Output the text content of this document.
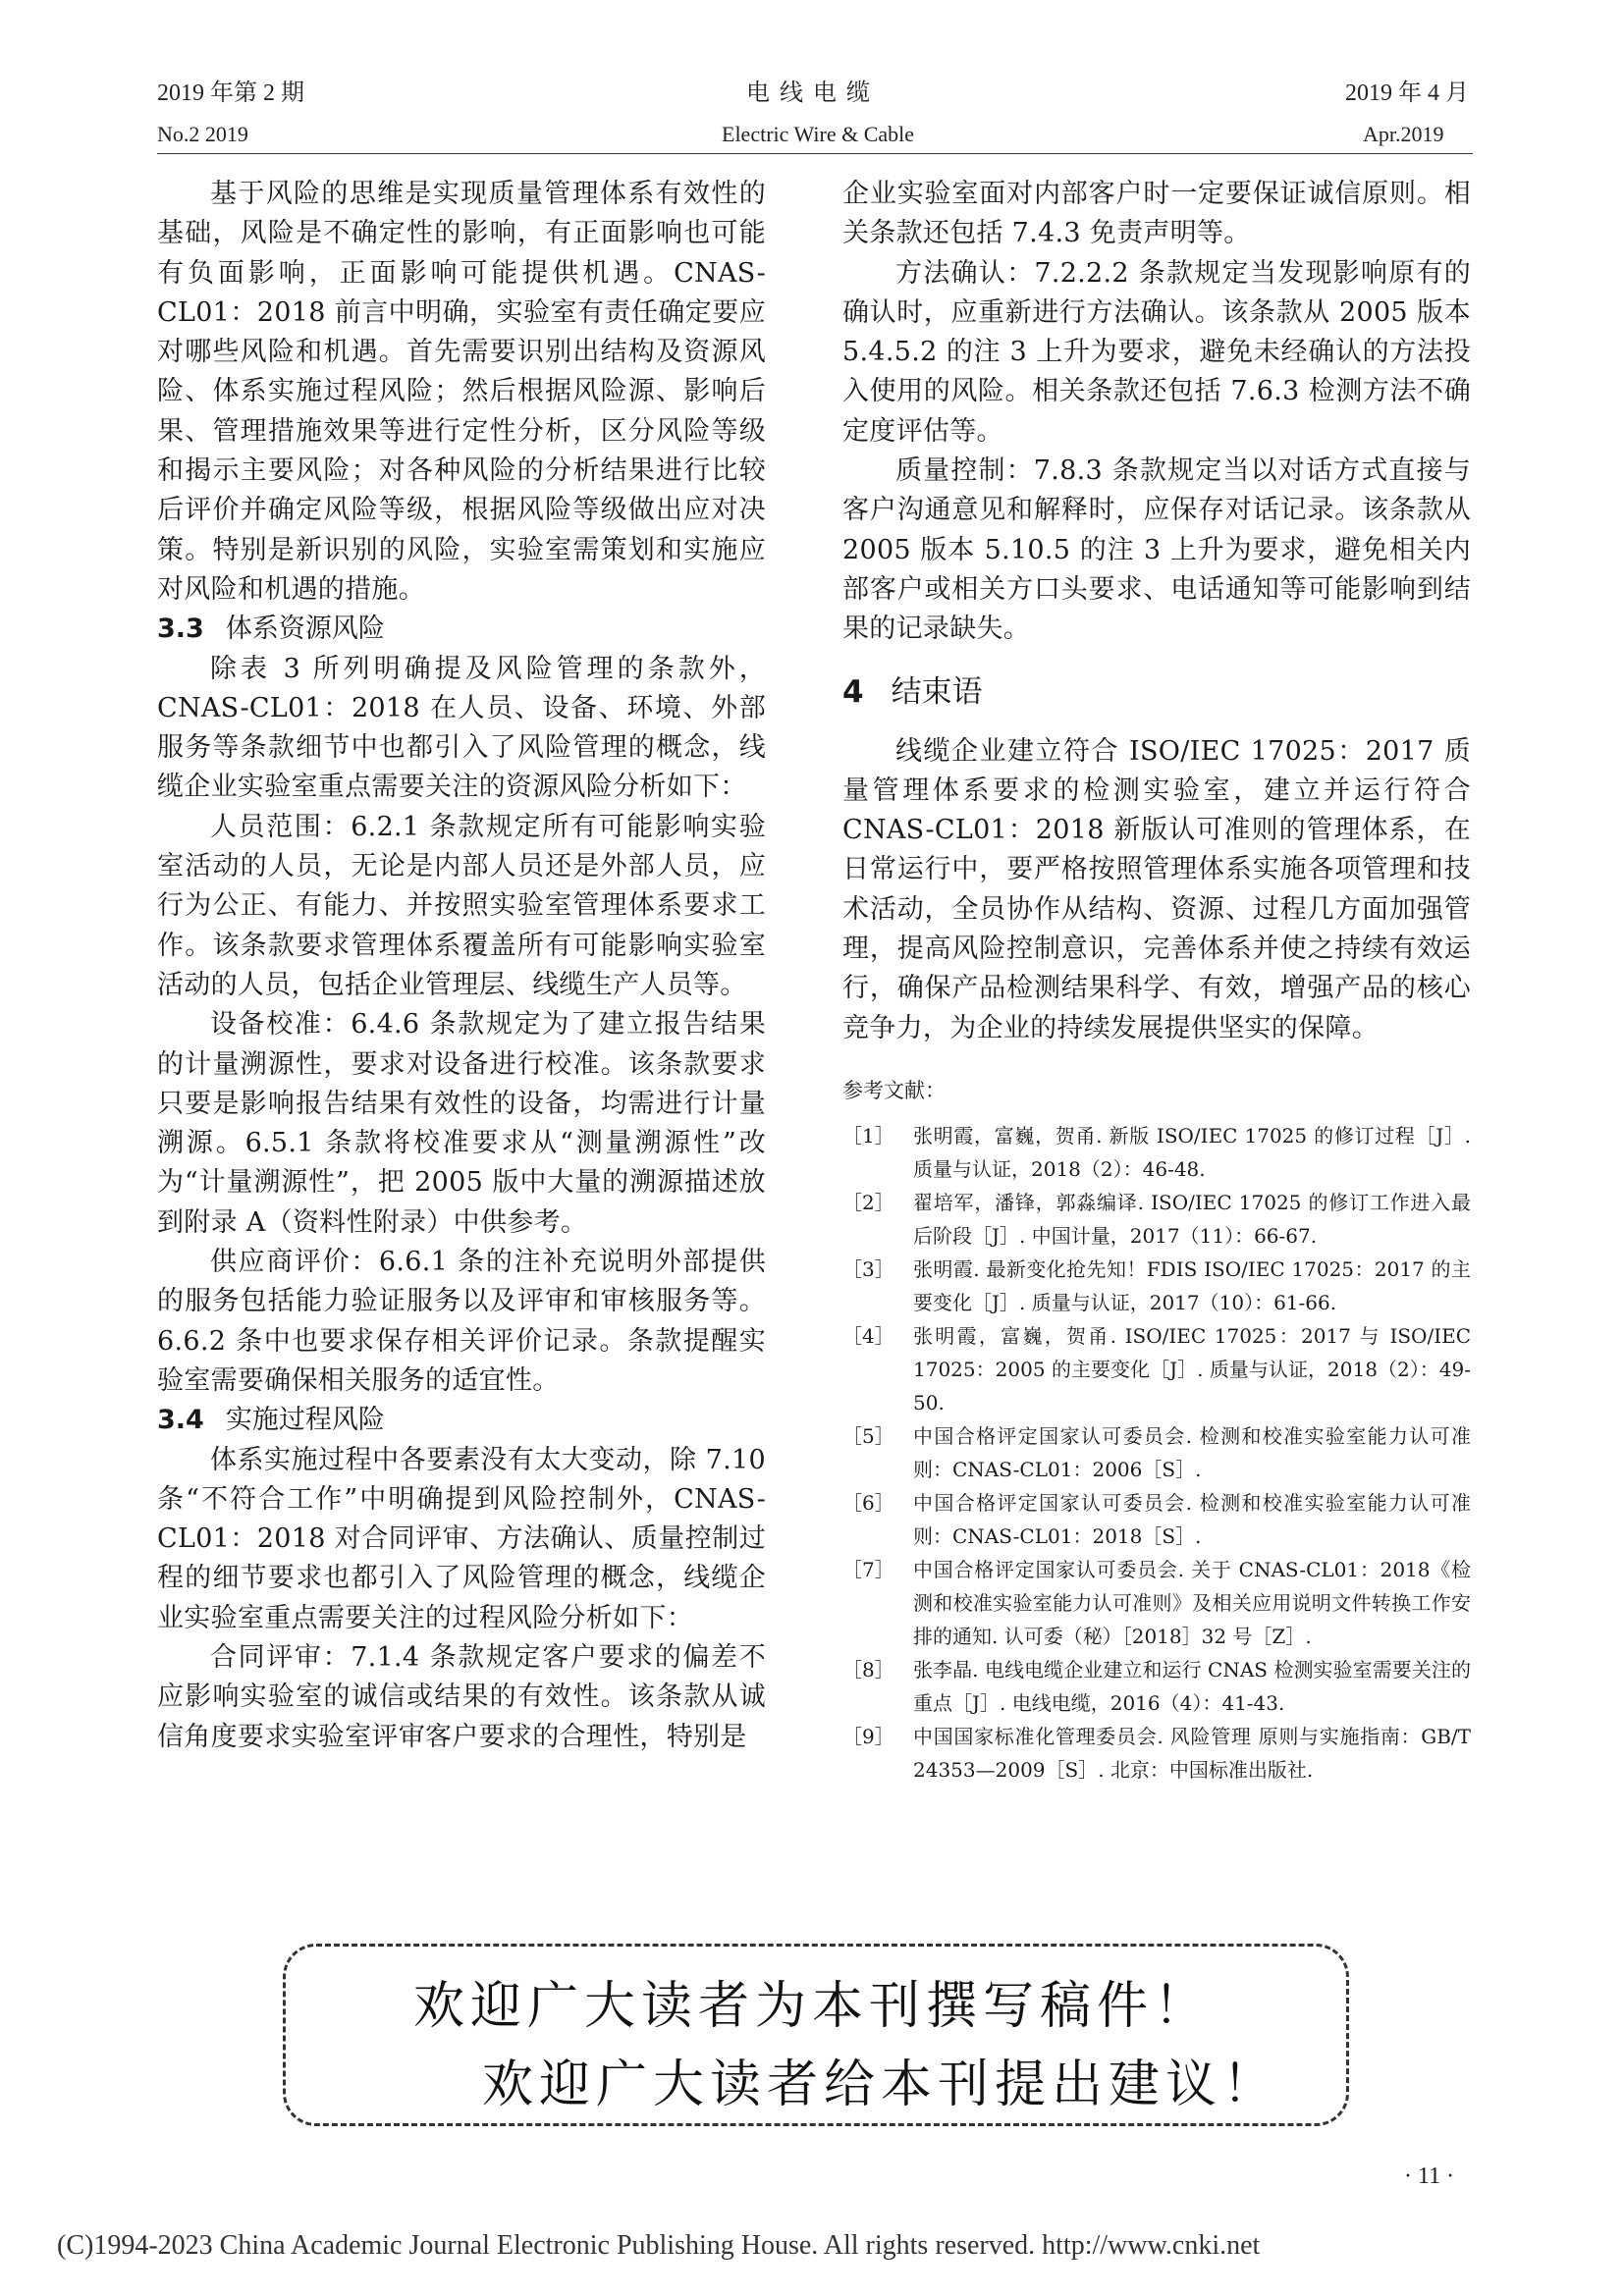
2019 年第 2 期
No.2 2019
电 线 电 缆
Electric Wire & Cable
2019 年 4 月
Apr.2019

基于风险的思维是实现质量管理体系有效性的基础，风险是不确定性的影响，有正面影响也可能有负面影响，正面影响可能提供机遇。CNAS-CL01：2018 前言中明确，实验室有责任确定要应对哪些风险和机遇。首先需要识别出结构及资源风险、体系实施过程风险；然后根据风险源、影响后果、管理措施效果等进行定性分析，区分风险等级和揭示主要风险；对各种风险的分析结果进行比较后评价并确定风险等级，根据风险等级做出应对决策。特别是新识别的风险，实验室需策划和实施应对风险和机遇的措施。

3.3 体系资源风险

除表 3 所列明确提及风险管理的条款外，CNAS-CL01：2018 在人员、设备、环境、外部服务等条款细节中也都引入了风险管理的概念，线缆企业实验室重点需要关注的资源风险分析如下：

人员范围：6.2.1 条款规定所有可能影响实验室活动的人员，无论是内部人员还是外部人员，应行为公正、有能力、并按照实验室管理体系要求工作。该条款要求管理体系覆盖所有可能影响实验室活动的人员，包括企业管理层、线缆生产人员等。

设备校准：6.4.6 条款规定为了建立报告结果的计量溯源性，要求对设备进行校准。该条款要求只要是影响报告结果有效性的设备，均需进行计量溯源。6.5.1 条款将校准要求从“测量溯源性”改为“计量溯源性”，把 2005 版中大量的溯源描述放到附录 A（资料性附录）中供参考。

供应商评价：6.6.1 条的注补充说明外部提供的服务包括能力验证服务以及评审和审核服务等。6.6.2 条中也要求保存相关评价记录。条款提醒实验室需要确保相关服务的适宜性。

3.4 实施过程风险

体系实施过程中各要素没有太大变动，除 7.10 条“不符合工作”中明确提到风险控制外，CNAS-CL01：2018 对合同评审、方法确认、质量控制过程的细节要求也都引入了风险管理的概念，线缆企业实验室重点需要关注的过程风险分析如下：

合同评审：7.1.4 条款规定客户要求的偏差不应影响实验室的诚信或结果的有效性。该条款从诚信角度要求实验室评审客户要求的合理性，特别是

企业实验室面对内部客户时一定要保证诚信原则。相关条款还包括 7.4.3 免责声明等。

方法确认：7.2.2.2 条款规定当发现影响原有的确认时，应重新进行方法确认。该条款从 2005 版本 5.4.5.2 的注 3 上升为要求，避免未经确认的方法投入使用的风险。相关条款还包括 7.6.3 检测方法不确定度评估等。

质量控制：7.8.3 条款规定当以对话方式直接与客户沟通意见和解释时，应保存对话记录。该条款从 2005 版本 5.10.5 的注 3 上升为要求，避免相关内部客户或相关方口头要求、电话通知等可能影响到结果的记录缺失。

4 结束语

线缆企业建立符合 ISO/IEC 17025：2017 质量管理体系要求的检测实验室，建立并运行符合 CNAS-CL01：2018 新版认可准则的管理体系，在日常运行中，要严格按照管理体系实施各项管理和技术活动，全员协作从结构、资源、过程几方面加强管理，提高风险控制意识，完善体系并使之持续有效运行，确保产品检测结果科学、有效，增强产品的核心竞争力，为企业的持续发展提供坚实的保障。

参考文献：
［1］ 张明霞，富巍，贺甬. 新版 ISO/IEC 17025 的修订过程［J］. 质量与认证，2018（2）：46-48.
［2］ 翟培军，潘锋，郭淼编译. ISO/IEC 17025 的修订工作进入最后阶段［J］. 中国计量，2017（11）：66-67.
［3］ 张明霞. 最新变化抢先知！FDIS ISO/IEC 17025：2017 的主要变化［J］. 质量与认证，2017（10）：61-66.
［4］ 张明霞，富巍，贺甬. ISO/IEC 17025：2017 与 ISO/IEC 17025：2005 的主要变化［J］. 质量与认证，2018（2）：49-50.
［5］ 中国合格评定国家认可委员会. 检测和校准实验室能力认可准则：CNAS-CL01：2006［S］.
［6］ 中国合格评定国家认可委员会. 检测和校准实验室能力认可准则：CNAS-CL01：2018［S］.
［7］ 中国合格评定国家认可委员会. 关于 CNAS-CL01：2018《检测和校准实验室能力认可准则》及相关应用说明文件转换工作安排的通知. 认可委（秘）［2018］32 号［Z］.
［8］ 张李晶. 电线电缆企业建立和运行 CNAS 检测实验室需要关注的重点［J］. 电线电缆，2016（4）：41-43.
［9］ 中国国家标准化管理委员会. 风险管理 原则与实施指南：GB/T 24353—2009［S］. 北京：中国标准出版社.
欢迎广大读者为本刊撰写稿件！
欢迎广大读者给本刊提出建议！
· 11 ·
(C)1994-2023 China Academic Journal Electronic Publishing House. All rights reserved. http://www.cnki.net
